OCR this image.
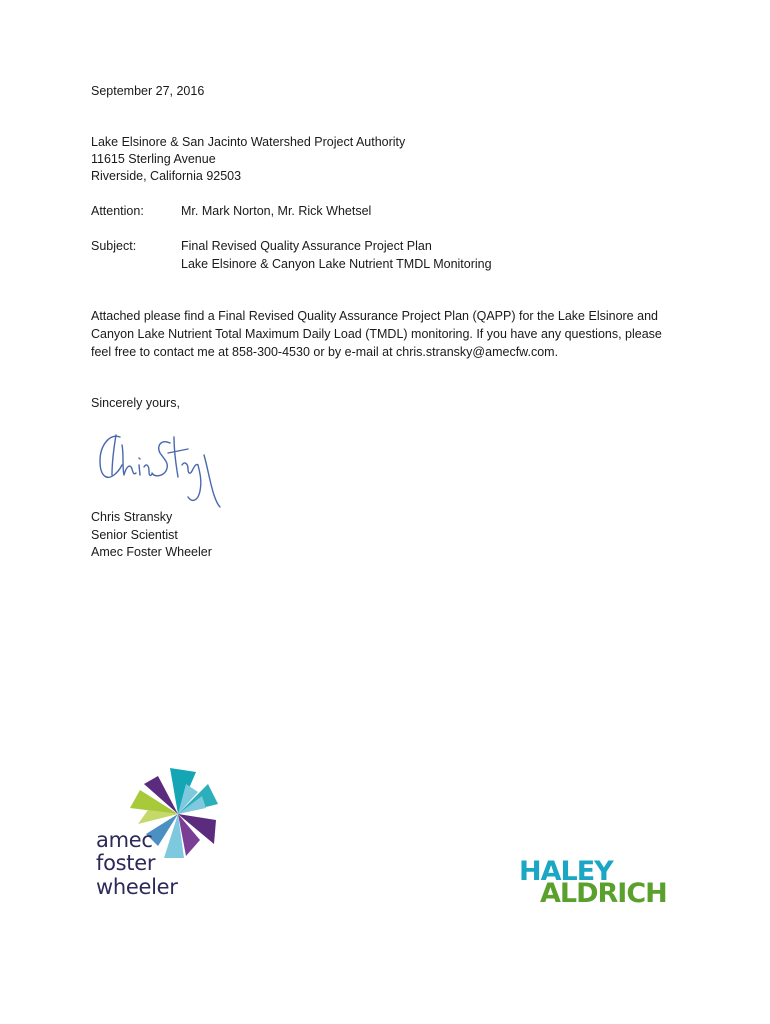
September 27, 2016
Lake Elsinore & San Jacinto Watershed Project Authority
11615 Sterling Avenue
Riverside, California 92503
Attention:	Mr. Mark Norton, Mr. Rick Whetsel
Subject:	Final Revised Quality Assurance Project Plan
Lake Elsinore & Canyon Lake Nutrient TMDL Monitoring
Attached please find a Final Revised Quality Assurance Project Plan (QAPP) for the Lake Elsinore and
Canyon Lake Nutrient Total Maximum Daily Load (TMDL) monitoring. If you have any questions, please
feel free to contact me at 858-300-4530 or by e-mail at chris.stransky@amecfw.com.
Sincerely yours,
Chris Stransky
Senior Scientist
Amec Foster Wheeler
amec
foster
wheeler	HALEY
ALDRICH
